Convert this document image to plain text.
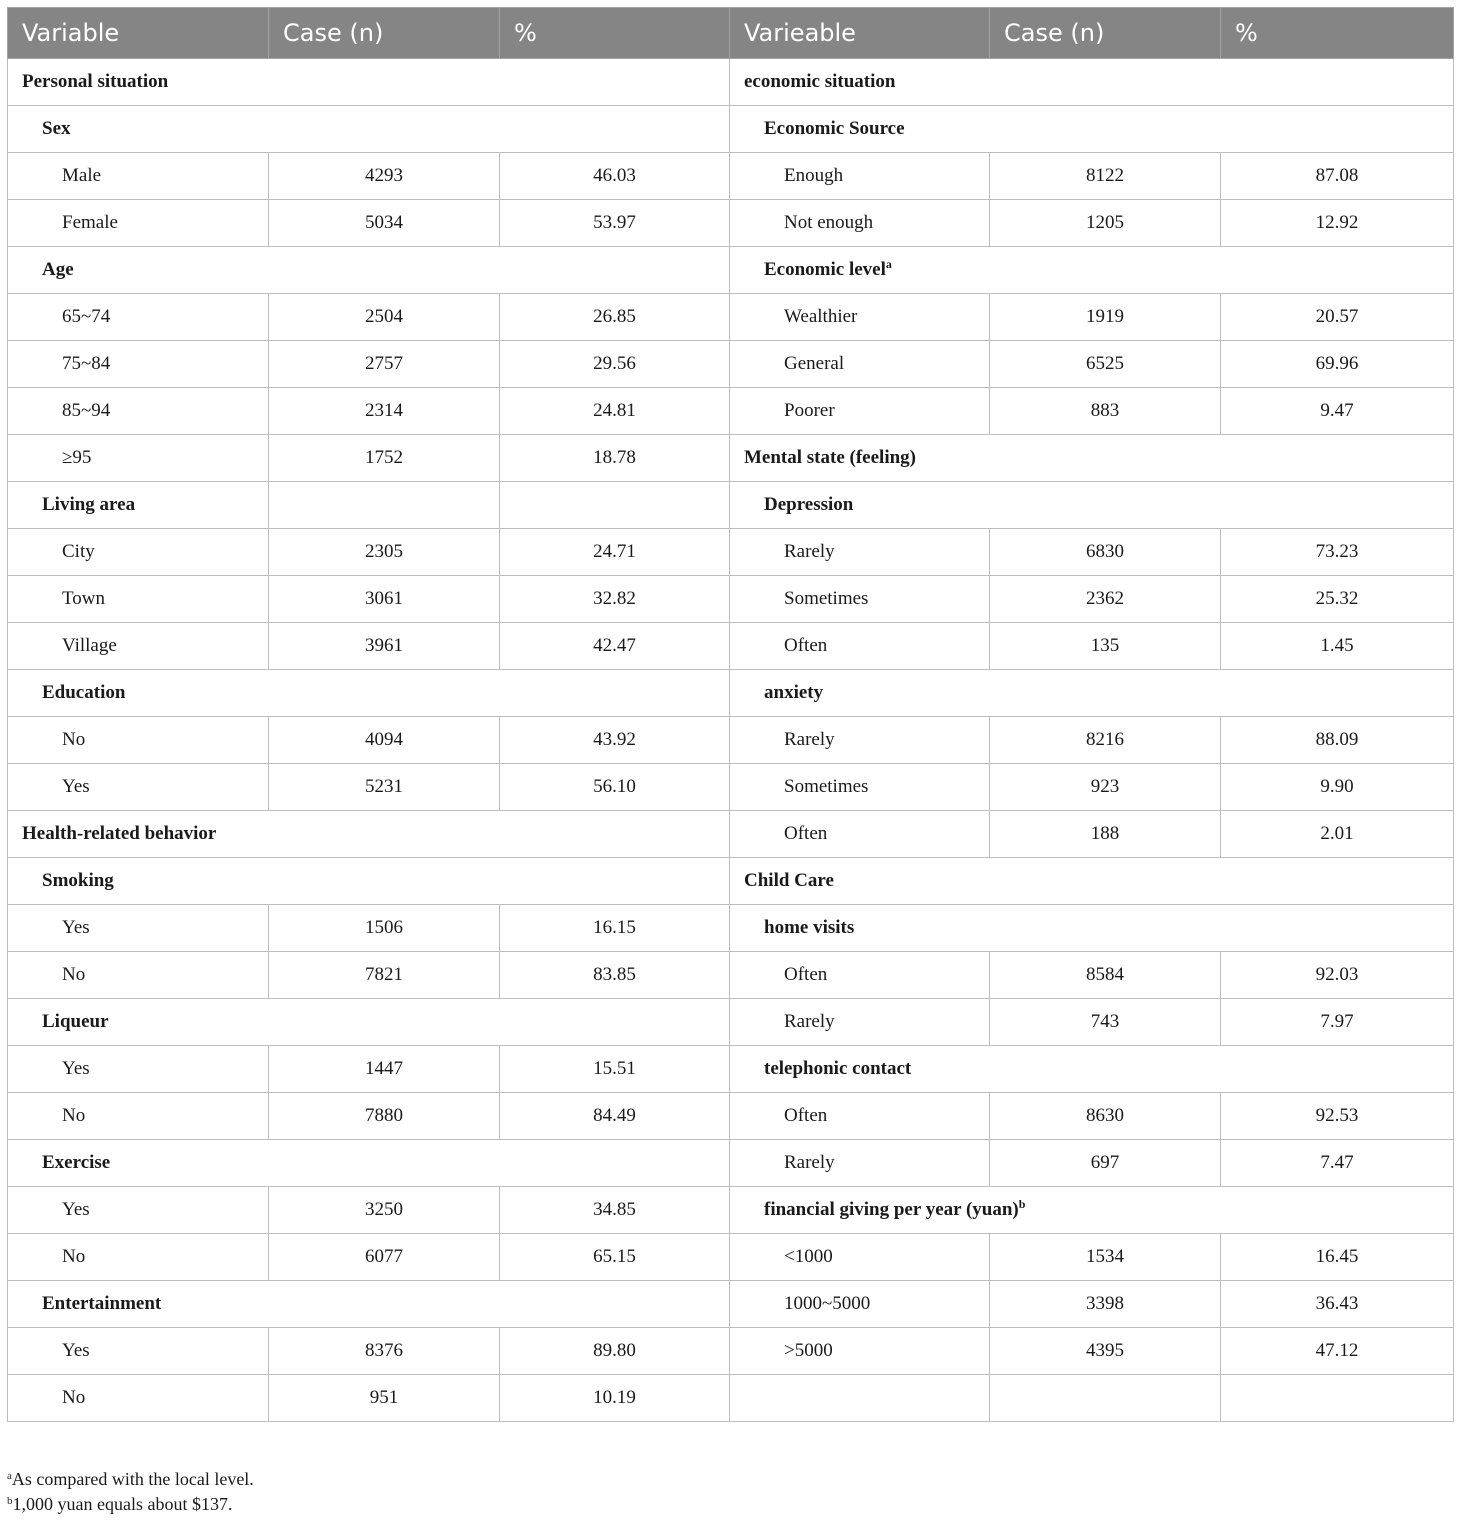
Variable	Case (n)	%	Varieable	Case (n)	%
Personal situation			economic situation		
Sex			Economic Source		
Male	4293	46.03	Enough	8122	87.08
Female	5034	53.97	Not enough	1205	12.92
Age			Economic level$^a$
65~74	2504	26.85	Wealthier	1919	20.57
75~84	2757	29.56	General	6525	69.96
85~94	2314	24.81	Poorer	883	9.47
≥95	1752	18.78	Mental state (feeling)		
Living area			Depression		
City	2305	24.71	Rarely	6830	73.23
Town	3061	32.82	Sometimes	2362	25.32
Village	3961	42.47	Often	135	1.45
Education			anxiety		
No	4094	43.92	Rarely	8216	88.09
Yes	5231	56.10	Sometimes	923	9.90
Health-related behavior			Often	188	2.01
Smoking			Child Care		
Yes	1506	16.15	home visits		
No	7821	83.85	Often	8584	92.03
Liqueur			Rarely	743	7.97
Yes	1447	15.51	telephonic contact		
No	7880	84.49	Often	8630	92.53
Exercise			Rarely	697	7.47
Yes	3250	34.85	financial giving per year (yuan)$^b$
No	6077	65.15	<1000	1534	16.45
Entertainment			1000~5000	3398	36.43
Yes	8376	89.80	>5000	4395	47.12
No	951	10.19			
$^a$As compared with the local level.
$^b$1,000 yuan equals about $137.
